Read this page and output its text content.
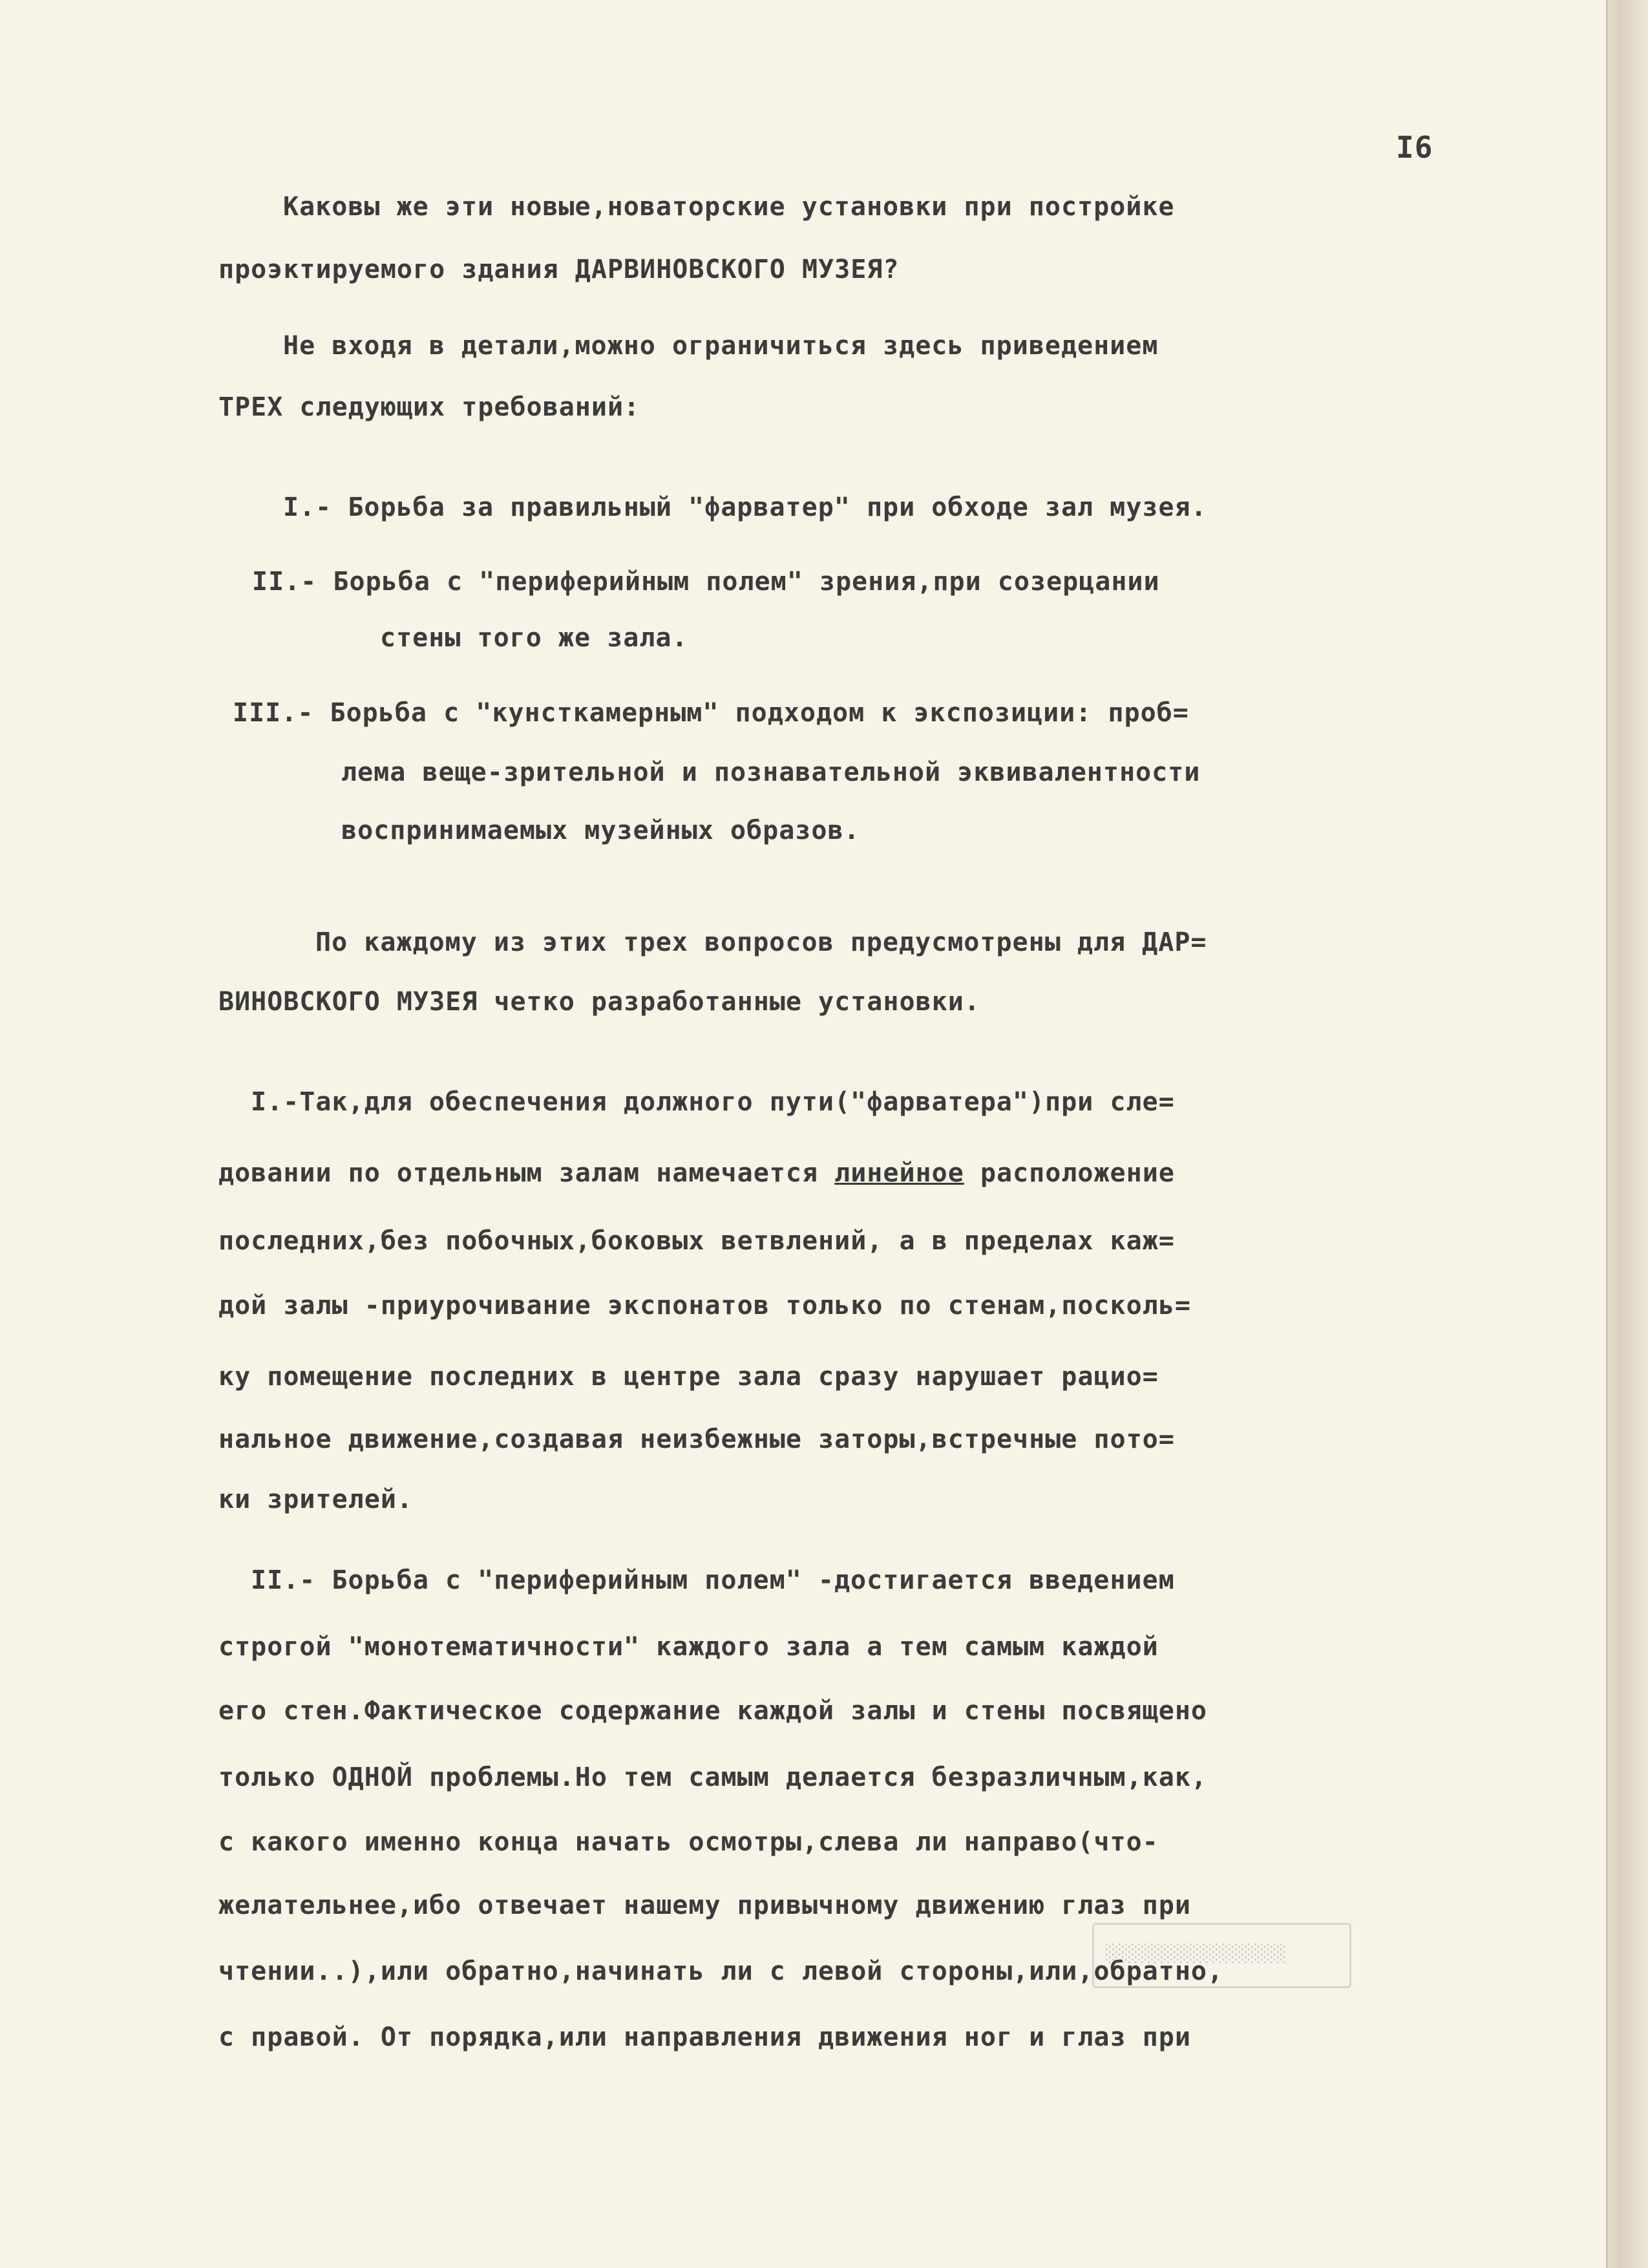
I6
Каковы же эти новые,новаторские установки при постройке
проэктируемого здания ДАРВИНОВСКОГО МУЗЕЯ?
Не входя в детали,можно ограничиться здесь приведением
ТРЕХ следующих требований:
I.- Борьба за правильный "фарватер" при обходе зал музея.
II.- Борьба с "периферийным полем" зрения,при созерцании
стены того же зала.
III.- Борьба с "кунсткамерным" подходом к экспозиции: проб=
лема веще-зрительной и познавательной эквивалентности
воспринимаемых музейных образов.
По каждому из этих трех вопросов предусмотрены для ДАР=
ВИНОВСКОГО МУЗЕЯ четко разработанные установки.
I.-Так,для обеспечения должного пути("фарватера")при сле=
довании по отдельным залам намечается линейное расположение
последних,без побочных,боковых ветвлений, а в пределах каж=
дой залы -приурочивание экспонатов только по стенам,посколь=
ку помещение последних в центре зала сразу нарушает рацио=
нальное движение,создавая неизбежные заторы,встречные пото=
ки зрителей.
II.- Борьба с "периферийным полем" -достигается введением
строгой "монотематичности" каждого зала а тем самым каждой
его стен.Фактическое содержание каждой залы и стены посвящено
только ОДНОЙ проблемы.Но тем самым делается безразличным,как,
с какого именно конца начать осмотры,слева ли направо(что-
желательнее,ибо отвечает нашему привычному движению глаз при
чтении..),или обратно,начинать ли с левой стороны,или,обратно,
с правой. От порядка,или направления движения ног и глаз при
░░░░░░░░░░░░░░
